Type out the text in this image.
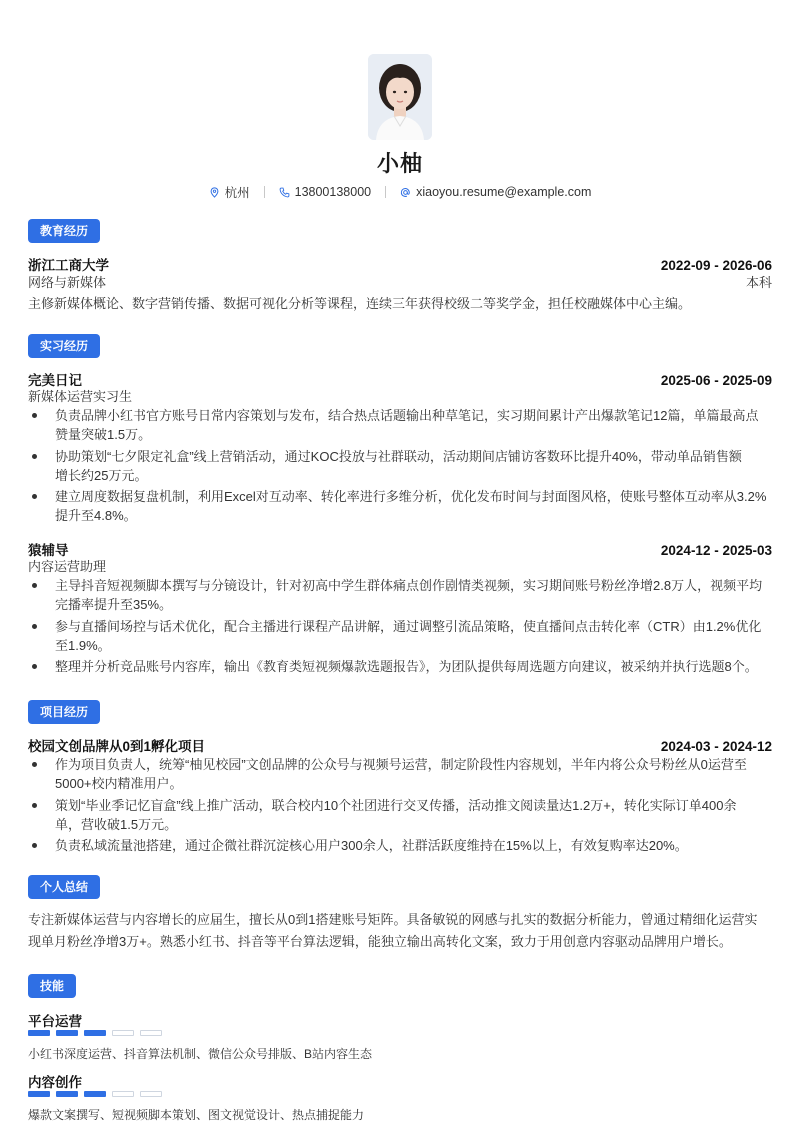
小柚
杭州	13800138000	xiaoyou.resume@example.com
教育经历
浙江工商大学	2022-09 - 2026-06
网络与新媒体	本科
主修新媒体概论、数字营销传播、数据可视化分析等课程，连续三年获得校级二等奖学金，担任校融媒体中心主编。
实习经历
完美日记	2025-06 - 2025-09
新媒体运营实习生
负责品牌小红书官方账号日常内容策划与发布，结合热点话题输出种草笔记，实习期间累计产出爆款笔记12篇，单篇最高点
赞量突破1.5万。
协助策划“七夕限定礼盒”线上营销活动，通过KOC投放与社群联动，活动期间店铺访客数环比提升40%，带动单品销售额
增长约25万元。
建立周度数据复盘机制，利用Excel对互动率、转化率进行多维分析，优化发布时间与封面图风格，使账号整体互动率从3.2%
提升至4.8%。
猿辅导	2024-12 - 2025-03
内容运营助理
主导抖音短视频脚本撰写与分镜设计，针对初高中学生群体痛点创作剧情类视频，实习期间账号粉丝净增2.8万人，视频平均
完播率提升至35%。
参与直播间场控与话术优化，配合主播进行课程产品讲解，通过调整引流品策略，使直播间点击转化率（CTR）由1.2%优化
至1.9%。
整理并分析竞品账号内容库，输出《教育类短视频爆款选题报告》，为团队提供每周选题方向建议，被采纳并执行选题8个。
项目经历
校园文创品牌从0到1孵化项目	2024-03 - 2024-12
作为项目负责人，统筹“柚见校园”文创品牌的公众号与视频号运营，制定阶段性内容规划，半年内将公众号粉丝从0运营至
5000+校内精准用户。
策划“毕业季记忆盲盒”线上推广活动，联合校内10个社团进行交叉传播，活动推文阅读量达1.2万+，转化实际订单400余
单，营收破1.5万元。
负责私域流量池搭建，通过企微社群沉淀核心用户300余人，社群活跃度维持在15%以上，有效复购率达20%。
个人总结
专注新媒体运营与内容增长的应届生，擅长从0到1搭建账号矩阵。具备敏锐的网感与扎实的数据分析能力，曾通过精细化运营实
现单月粉丝净增3万+。熟悉小红书、抖音等平台算法逻辑，能独立输出高转化文案，致力于用创意内容驱动品牌用户增长。
技能
平台运营
小红书深度运营、抖音算法机制、微信公众号排版、B站内容生态
内容创作
爆款文案撰写、短视频脚本策划、图文视觉设计、热点捕捉能力
